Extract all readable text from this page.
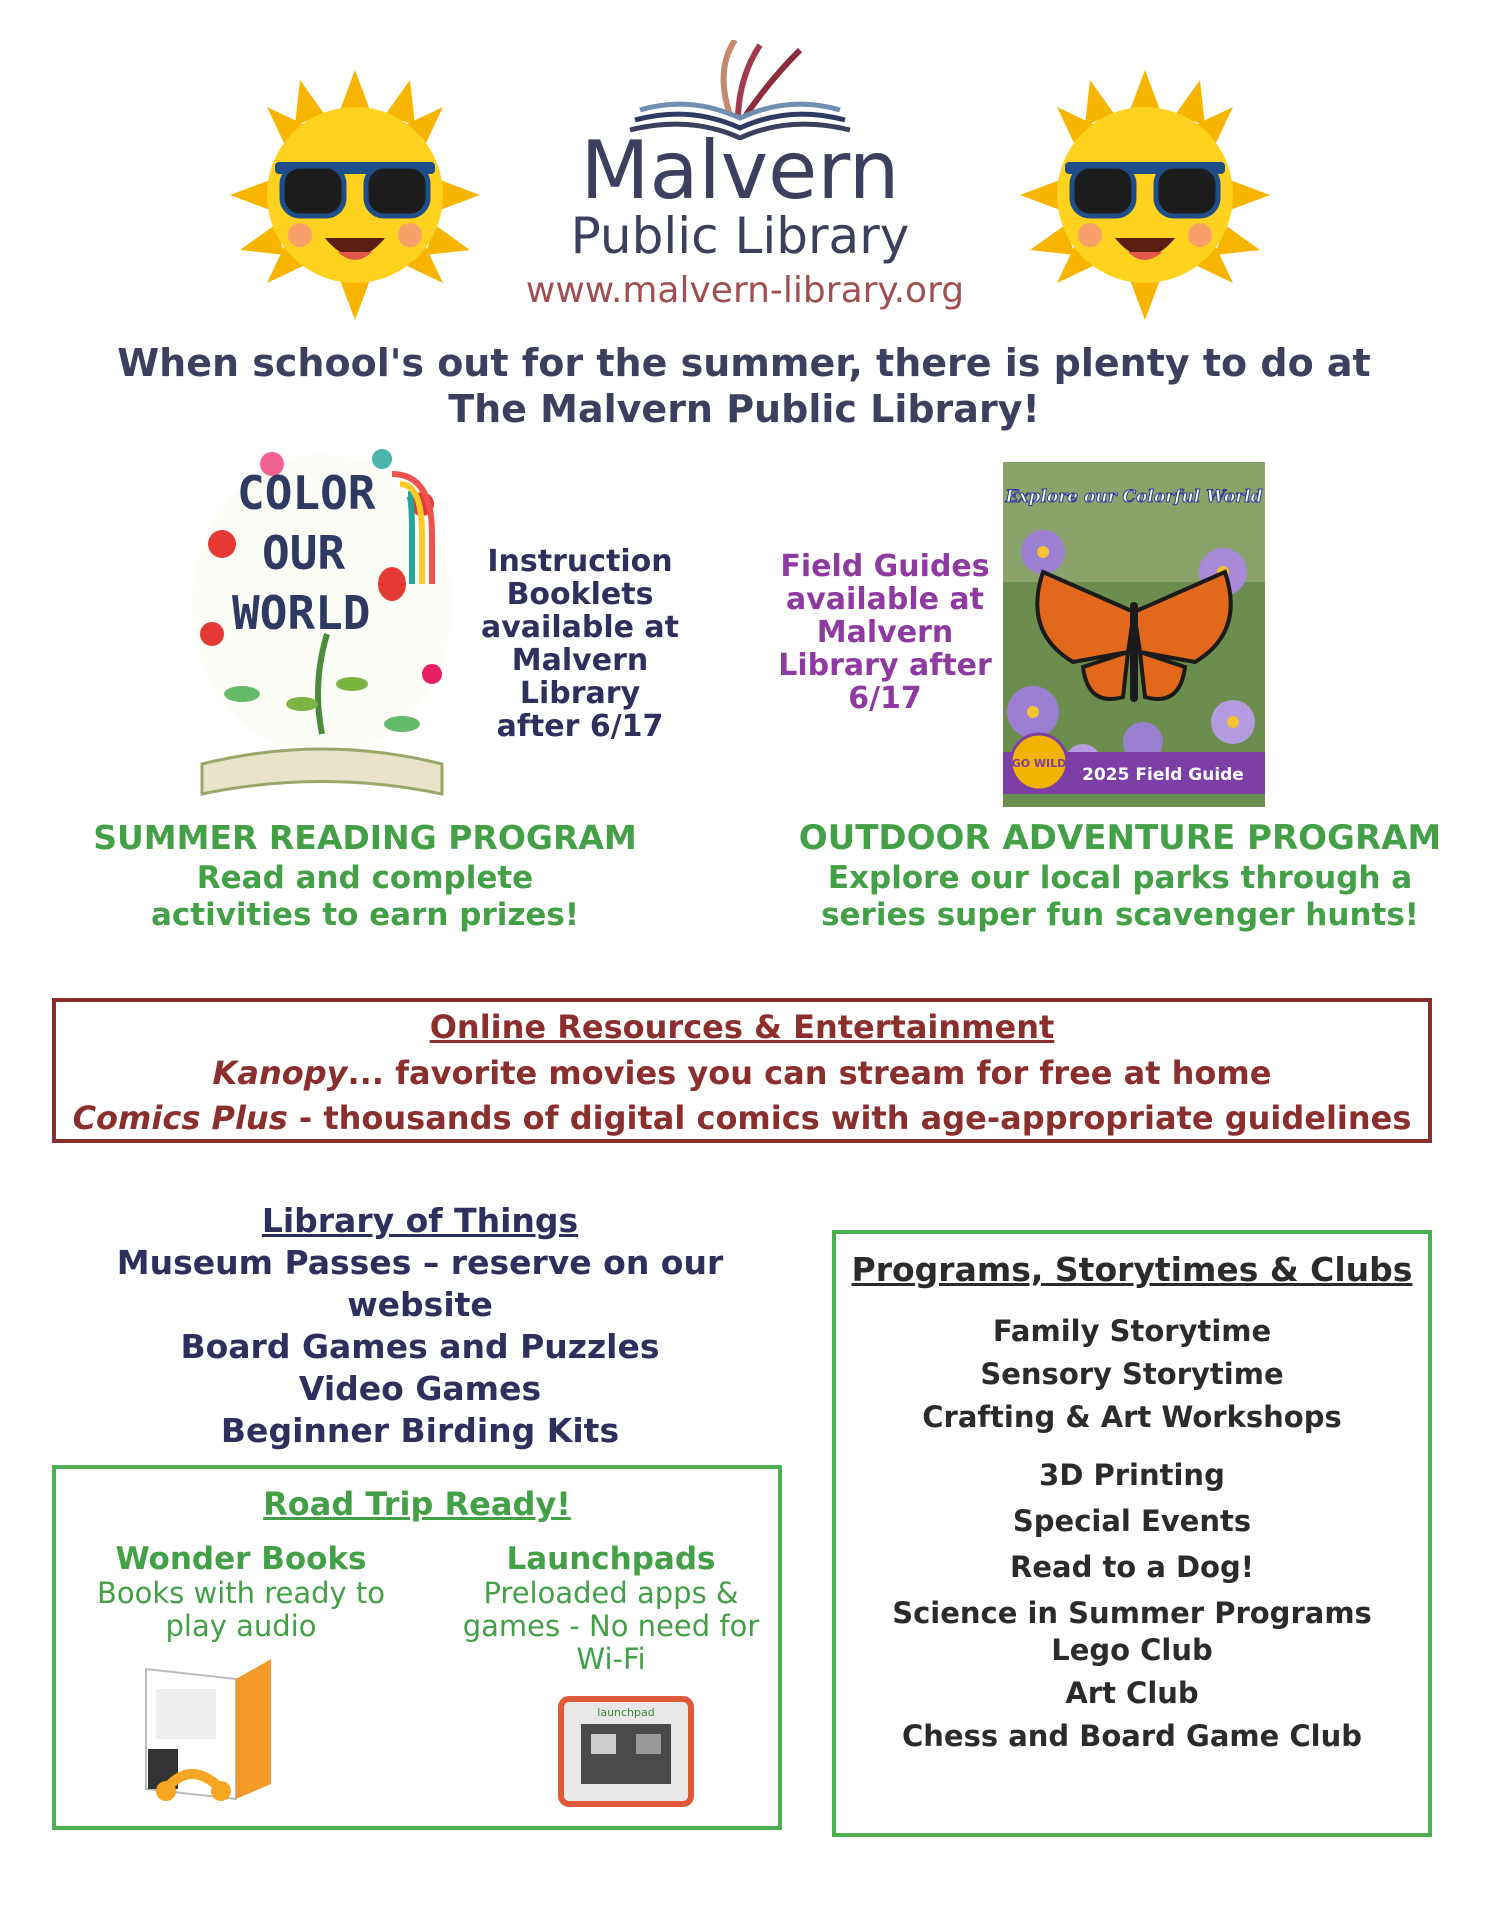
Malvern
Public Library
www.malvern-library.org
When school's out for the summer, there is plenty to do at
The Malvern Public Library!
COLOR
OUR
WORLD
Instruction
Booklets
available at
Malvern Library
after 6/17
SUMMER READING PROGRAM
Read and complete
activities to earn prizes!
Field Guides
available at
Malvern
Library after
6/17
Explore our Colorful World
GO WILD
2025 Field Guide
OUTDOOR ADVENTURE PROGRAM
Explore our local parks through a
series super fun scavenger hunts!
Online Resources & Entertainment
Kanopy... favorite movies you can stream for free at home
Comics Plus - thousands of digital comics with age-appropriate guidelines
Library of Things
Museum Passes – reserve on our website
Board Games and Puzzles
Video Games
Beginner Birding Kits
Road Trip Ready!
Wonder Books
Books with ready to
play audio
Launchpads
Preloaded apps &
games - No need for
Wi-Fi
launchpad
Programs, Storytimes & Clubs
Family Storytime
Sensory Storytime
Crafting & Art Workshops
3D Printing
Special Events
Read to a Dog!
Science in Summer Programs
Lego Club
Art Club
Chess and Board Game Club
